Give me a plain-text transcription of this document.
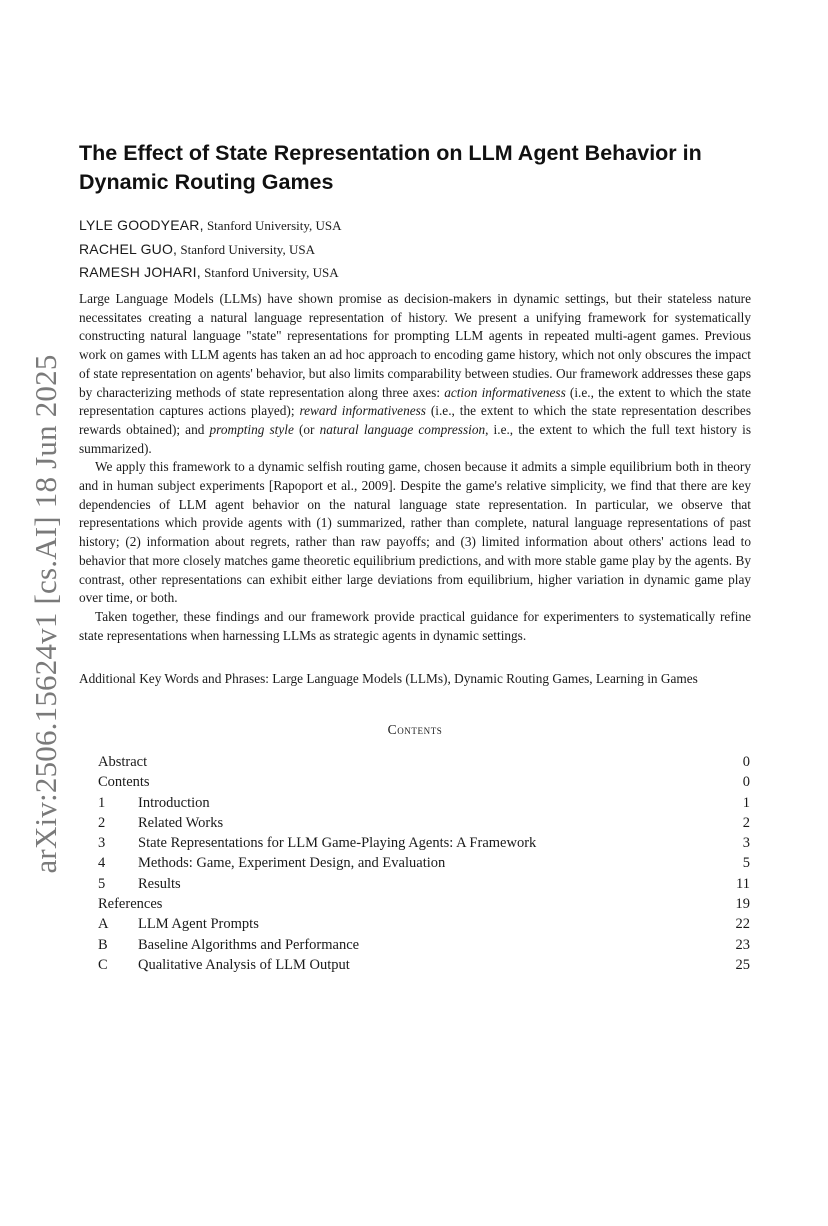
arXiv:2506.15624v1 [cs.AI] 18 Jun 2025
The Effect of State Representation on LLM Agent Behavior in Dynamic Routing Games
LYLE GOODYEAR, Stanford University, USA
RACHEL GUO, Stanford University, USA
RAMESH JOHARI, Stanford University, USA

Large Language Models (LLMs) have shown promise as decision-makers in dynamic settings, but their stateless nature necessitates creating a natural language representation of history. We present a unifying framework for systematically constructing natural language "state" representations for prompting LLM agents in repeated multi-agent games. Previous work on games with LLM agents has taken an ad hoc approach to encoding game history, which not only obscures the impact of state representation on agents' behavior, but also limits comparability between studies. Our framework addresses these gaps by characterizing methods of state representation along three axes: action informativeness (i.e., the extent to which the state representation captures actions played); reward informativeness (i.e., the extent to which the state representation describes rewards obtained); and prompting style (or natural language compression, i.e., the extent to which the full text history is summarized).

We apply this framework to a dynamic selfish routing game, chosen because it admits a simple equilibrium both in theory and in human subject experiments [Rapoport et al., 2009]. Despite the game's relative simplicity, we find that there are key dependencies of LLM agent behavior on the natural language state representation. In particular, we observe that representations which provide agents with (1) summarized, rather than complete, natural language representations of past history; (2) information about regrets, rather than raw payoffs; and (3) limited information about others' actions lead to behavior that more closely matches game theoretic equilibrium predictions, and with more stable game play by the agents. By contrast, other representations can exhibit either large deviations from equilibrium, higher variation in dynamic game play over time, or both.

Taken together, these findings and our framework provide practical guidance for experimenters to systematically refine state representations when harnessing LLMs as strategic agents in dynamic settings.

Additional Key Words and Phrases: Large Language Models (LLMs), Dynamic Routing Games, Learning in Games

Contents
Abstract	0
Contents	0
1 Introduction	1
2 Related Works	2
3 State Representations for LLM Game-Playing Agents: A Framework	3
4 Methods: Game, Experiment Design, and Evaluation	5
5 Results	11
References	19
A LLM Agent Prompts	22
B Baseline Algorithms and Performance	23
C Qualitative Analysis of LLM Output	25
